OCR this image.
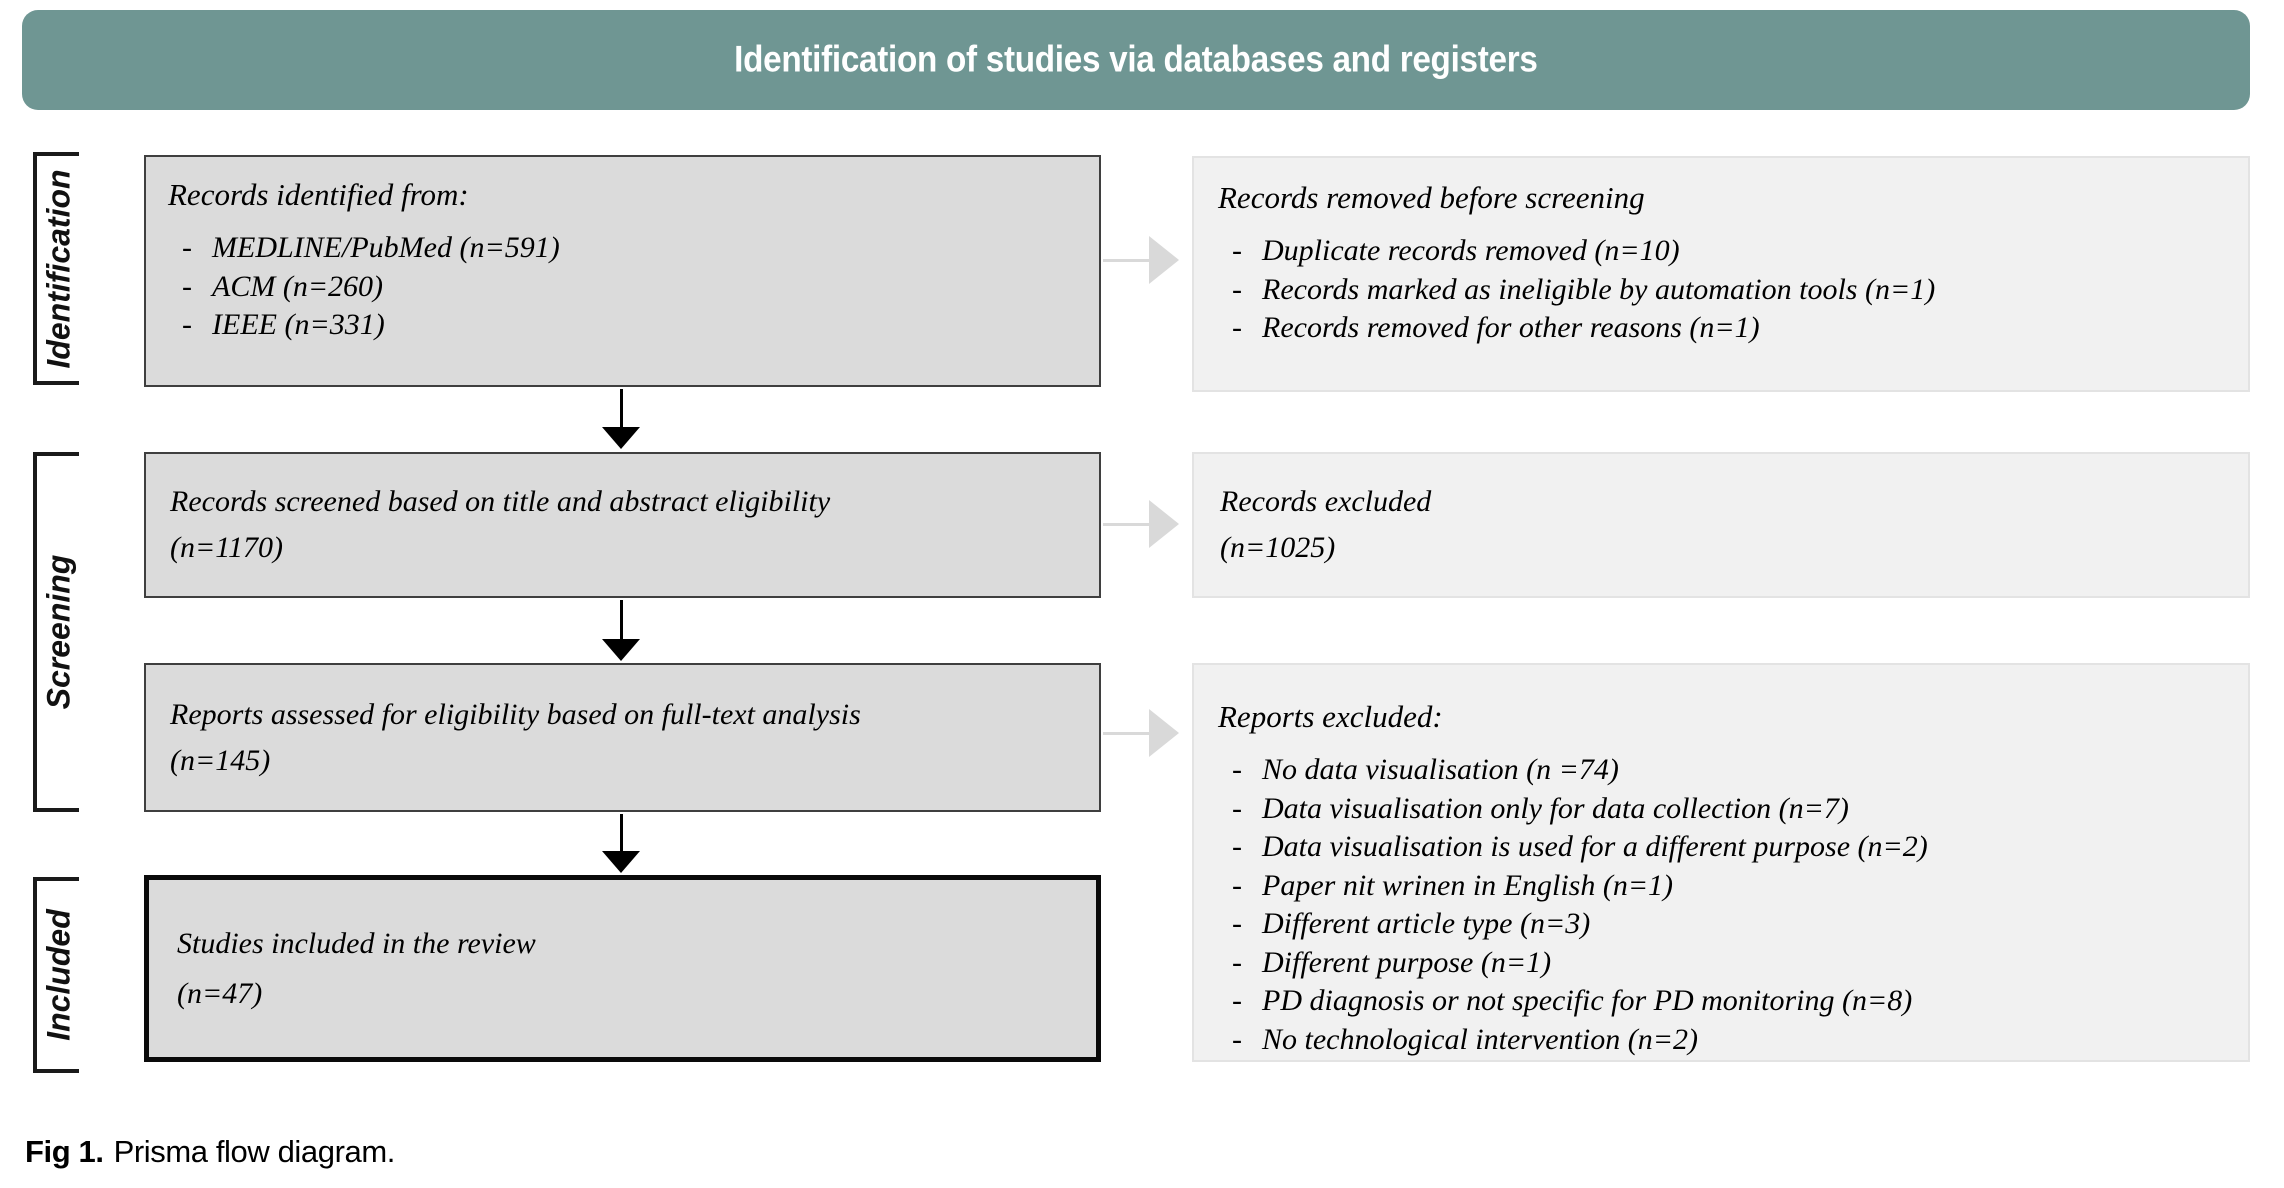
Identification of studies via databases and registers
Identification
Screening
Included
Records identified from:
- MEDLINE/PubMed (n=591)
- ACM (n=260)
- IEEE (n=331)
Records screened based on title and abstract eligibility
(n=1170)
Reports assessed for eligibility based on full-text analysis
(n=145)
Studies included in the review
(n=47)
Records removed before screening
- Duplicate records removed (n=10)
- Records marked as ineligible by automation tools (n=1)
- Records removed for other reasons (n=1)
Records excluded
(n=1025)
Reports excluded:
- No data visualisation (n =74)
- Data visualisation only for data collection (n=7)
- Data visualisation is used for a different purpose (n=2)
- Paper nit wrinen in English (n=1)
- Different article type (n=3)
- Different purpose (n=1)
- PD diagnosis or not specific for PD monitoring (n=8)
- No technological intervention (n=2)
Fig 1. Prisma flow diagram.
